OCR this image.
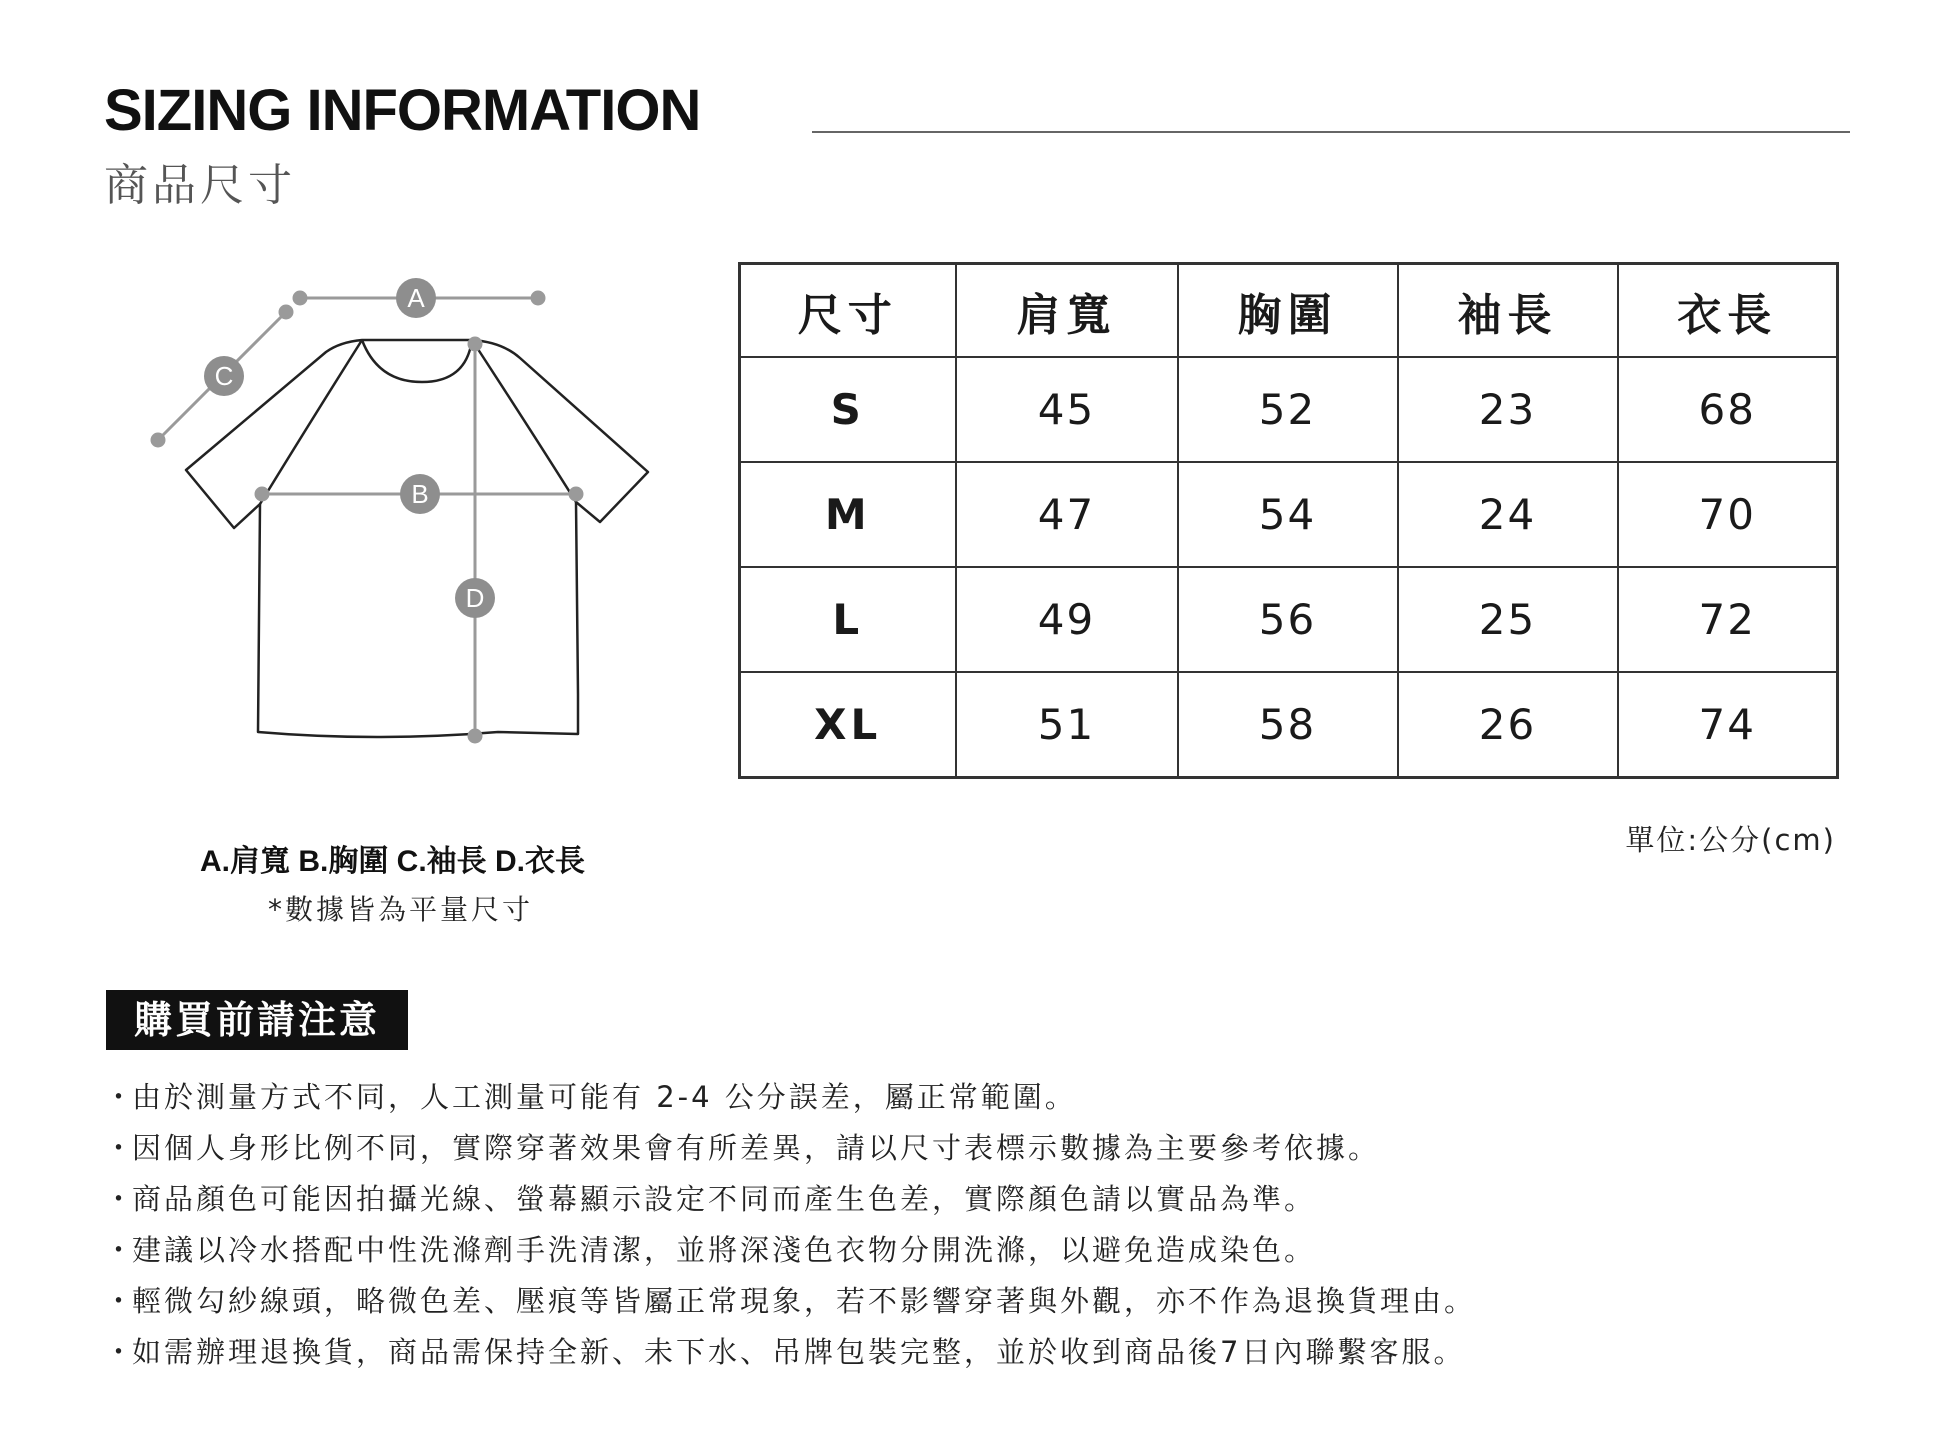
SIZING INFORMATION
商品尺寸
A
C
B
D
A.肩寬 B.胸圍 C.袖長 D.衣長
*數據皆為平量尺寸
尺寸	肩寬	胸圍	袖長	衣長
S	45	52	23	68
M	47	54	24	70
L	49	56	25	72
XL	51	58	26	74
單位:公分(cm)
購買前請注意
・由於測量方式不同，人工測量可能有 2-4 公分誤差，屬正常範圍。
・因個人身形比例不同，實際穿著效果會有所差異，請以尺寸表標示數據為主要參考依據。
・商品顏色可能因拍攝光線、螢幕顯示設定不同而產生色差，實際顏色請以實品為準。
・建議以冷水搭配中性洗滌劑手洗清潔，並將深淺色衣物分開洗滌，以避免造成染色。
・輕微勾紗線頭，略微色差、壓痕等皆屬正常現象，若不影響穿著與外觀，亦不作為退換貨理由。
・如需辦理退換貨，商品需保持全新、未下水、吊牌包裝完整，並於收到商品後7日內聯繫客服。
